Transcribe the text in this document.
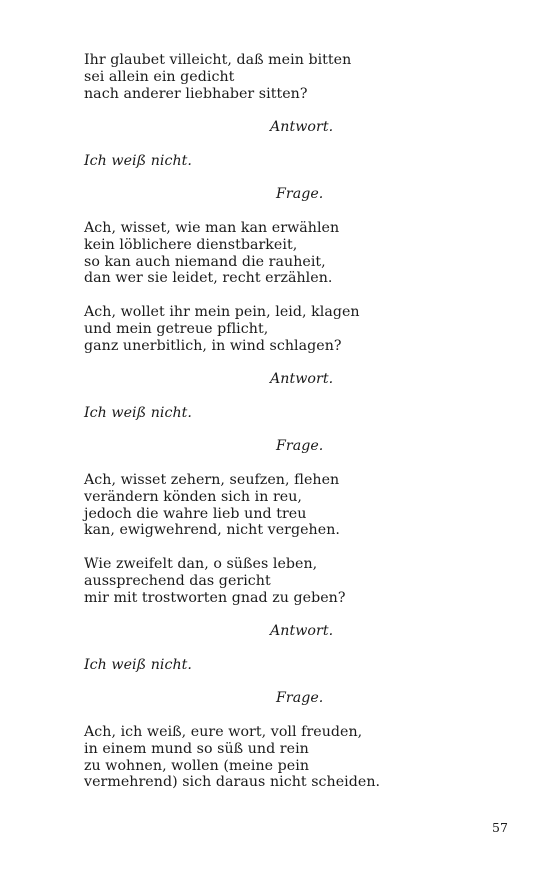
Ihr glaubet villeicht, daß mein bitten
sei allein ein gedicht
nach anderer liebhaber sitten?
Antwort.
Ich weiß nicht.
Frage.
Ach, wisset, wie man kan erwählen
kein löblichere dienstbarkeit,
so kan auch niemand die rauheit,
dan wer sie leidet, recht erzählen.
Ach, wollet ihr mein pein, leid, klagen
und mein getreue pflicht,
ganz unerbitlich, in wind schlagen?
Antwort.
Ich weiß nicht.
Frage.
Ach, wisset zehern, seufzen, flehen
verändern könden sich in reu,
jedoch die wahre lieb und treu
kan, ewigwehrend, nicht vergehen.
Wie zweifelt dan, o süßes leben,
aussprechend das gericht
mir mit trostworten gnad zu geben?
Antwort.
Ich weiß nicht.
Frage.
Ach, ich weiß, eure wort, voll freuden,
in einem mund so süß und rein
zu wohnen, wollen (meine pein
vermehrend) sich daraus nicht scheiden.
57
